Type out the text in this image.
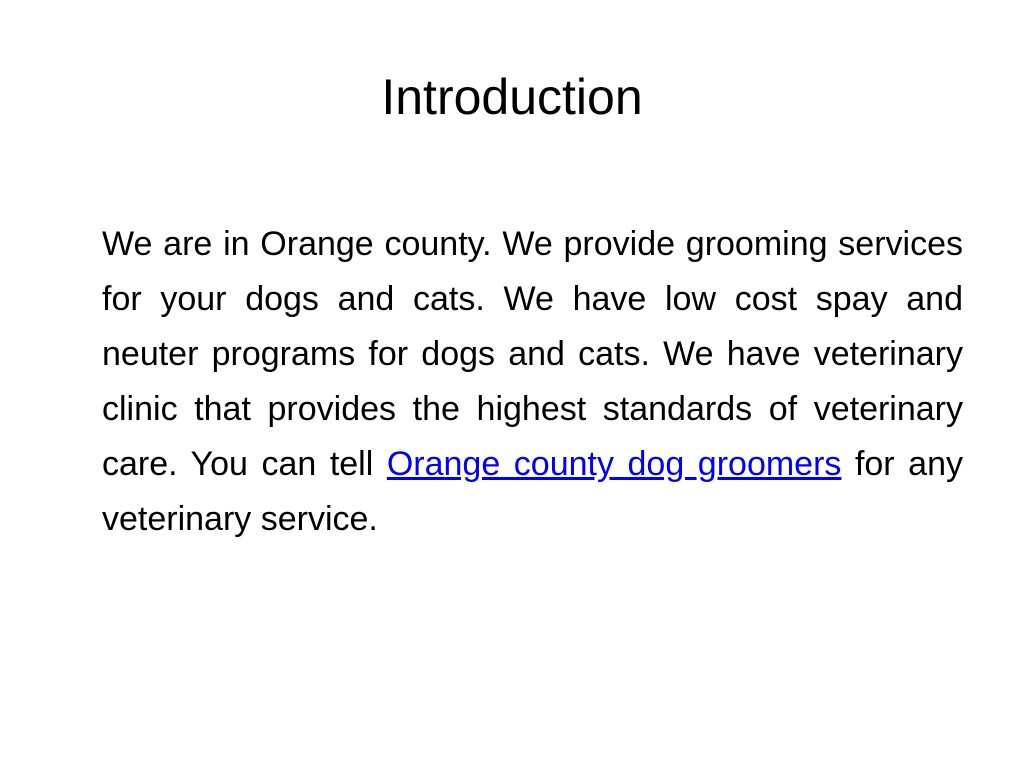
Introduction

We are in Orange county. We provide grooming services for your dogs and cats. We have low cost spay and neuter programs for dogs and cats. We have veterinary clinic that provides the highest standards of veterinary care. You can tell Orange county dog groomers for any veterinary service.
